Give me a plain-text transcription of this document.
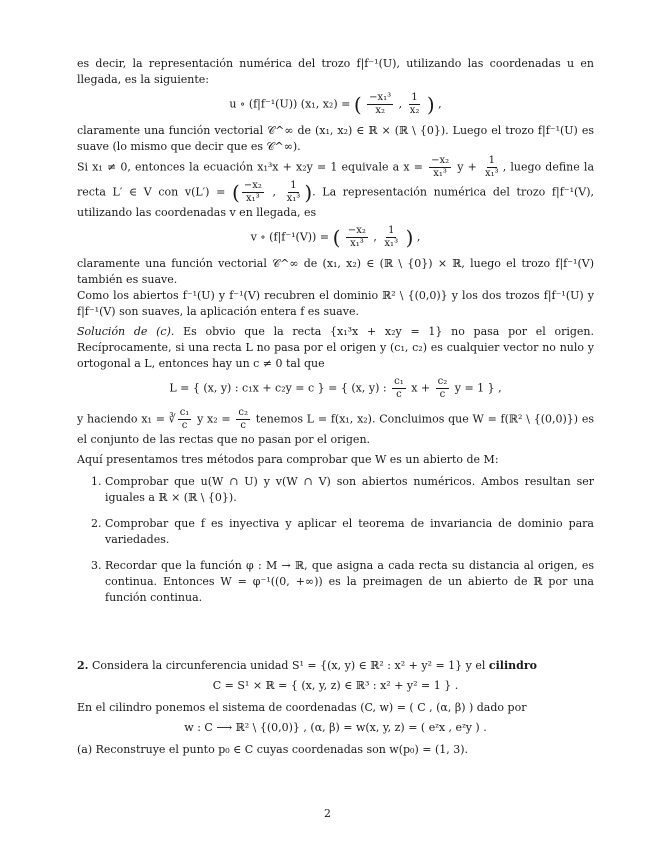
es decir, la representación numérica del trozo f|f⁻¹(U), utilizando las coordenadas u en llegada, es la siguiente:

u ∘ (f|f⁻¹(U)) (x₁, x₂) = ( $\frac{\text{−x₁³}}{\text{x₂}}$ , $\frac{1}{\text{x₂}}$ ) ,

claramente una función vectorial 𝒞^∞ de (x₁, x₂) ∈ ℝ × (ℝ \ {0}). Luego el trozo f|f⁻¹(U) es suave (lo mismo que decir que es 𝒞^∞).

Si x₁ ≠ 0, entonces la ecuación x₁³x + x₂y = 1 equivale a $x = \frac{\text{−x₂}}{\text{x₁³}}$ $y + \frac{1}{\text{x₁³}}$ , luego define la recta L′ ∈ V con v(L′) = ( $\frac{\text{−x₂}}{\text{x₁³}}$ , $\frac{1}{\text{x₁³}}$ ). La representación numérica del trozo f|f⁻¹(V), utilizando las coordenadas v en llegada, es

v ∘ (f|f⁻¹(V)) = ( $\frac{\text{−x₂}}{\text{x₁³}}$ , $\frac{1}{\text{x₁³}}$ ) ,

claramente una función vectorial 𝒞^∞ de (x₁, x₂) ∈ (ℝ \ {0}) × ℝ, luego el trozo f|f⁻¹(V) también es suave.

Como los abiertos f⁻¹(U) y f⁻¹(V) recubren el dominio ℝ² \ {(0,0)} y los dos trozos f|f⁻¹(U) y f|f⁻¹(V) son suaves, la aplicación entera f es suave.

Solución de (c). Es obvio que la recta {x₁³x + x₂y = 1} no pasa por el origen. Recíprocamente, si una recta L no pasa por el origen y (c₁, c₂) es cualquier vector no nulo y ortogonal a L, entonces hay un c ≠ 0 tal que

L = { (x, y) : c₁x + c₂y = c } = { (x, y) : $\frac{\text{c₁}}{c}$ $x + \frac{\text{c₂}}{c}$ y = 1 } ,

y haciendo x₁ = ∛ $\frac{\text{c₁}}{c}$ y $x_2 = \frac{\text{c₂}}{c}$ tenemos L = f(x₁, x₂). Concluimos que W = f(ℝ² \ {(0,0)}) es el conjunto de las rectas que no pasan por el origen.

Aquí presentamos tres métodos para comprobar que W es un abierto de M:

1. Comprobar que u(W ∩ U) y v(W ∩ V) son abiertos numéricos. Ambos resultan ser iguales a ℝ × (ℝ \ {0}).
2. Comprobar que f es inyectiva y aplicar el teorema de invariancia de dominio para variedades.
3. Recordar que la función φ : M → ℝ, que asigna a cada recta su distancia al origen, es continua. Entonces W = φ⁻¹((0, +∞)) es la preimagen de un abierto de ℝ por una función continua.

2. Considera la circunferencia unidad S¹ = {(x, y) ∈ ℝ² : x² + y² = 1} y el cilindro

C = S¹ × ℝ = { (x, y, z) ∈ ℝ³ : x² + y² = 1 } .

En el cilindro ponemos el sistema de coordenadas (C, w) = ( C , (α, β) ) dado por

w : C ⟶ ℝ² \ {(0,0)} , (α, β) = w(x, y, z) = ( eᶻx , eᶻy ) .

(a) Reconstruye el punto p₀ ∈ C cuyas coordenadas son w(p₀) = (1, 3).

2
